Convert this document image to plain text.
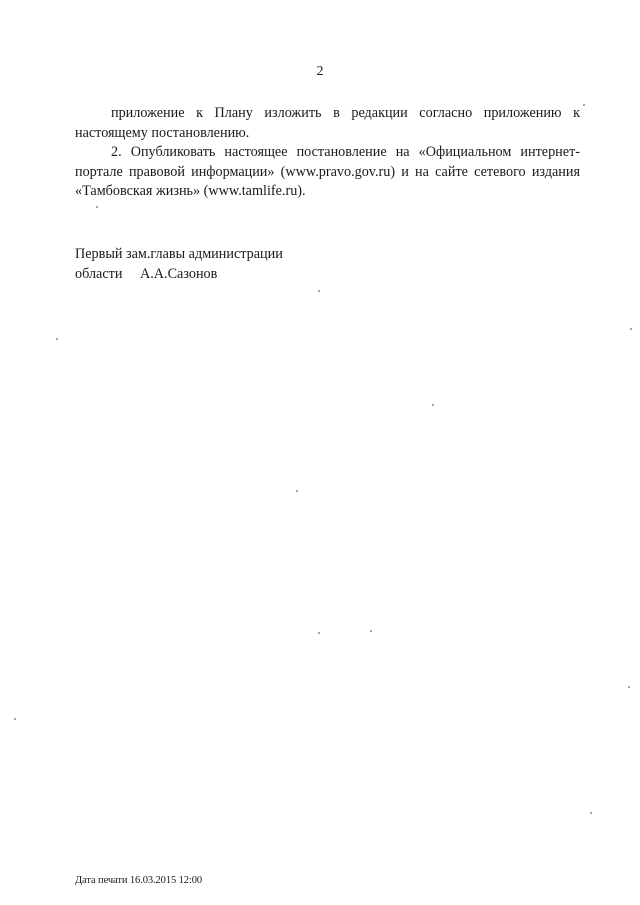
2

приложение к Плану изложить в редакции согласно приложению к настоящему постановлению.

2. Опубликовать настоящее постановление на «Официальном интернет-портале правовой информации» (www.pravo.gov.ru) и на сайте сетевого издания «Тамбовская жизнь» (www.tamlife.ru).

Первый зам.главы администрации
области А.А.Сазонов
Дата печати 16.03.2015 12:00
